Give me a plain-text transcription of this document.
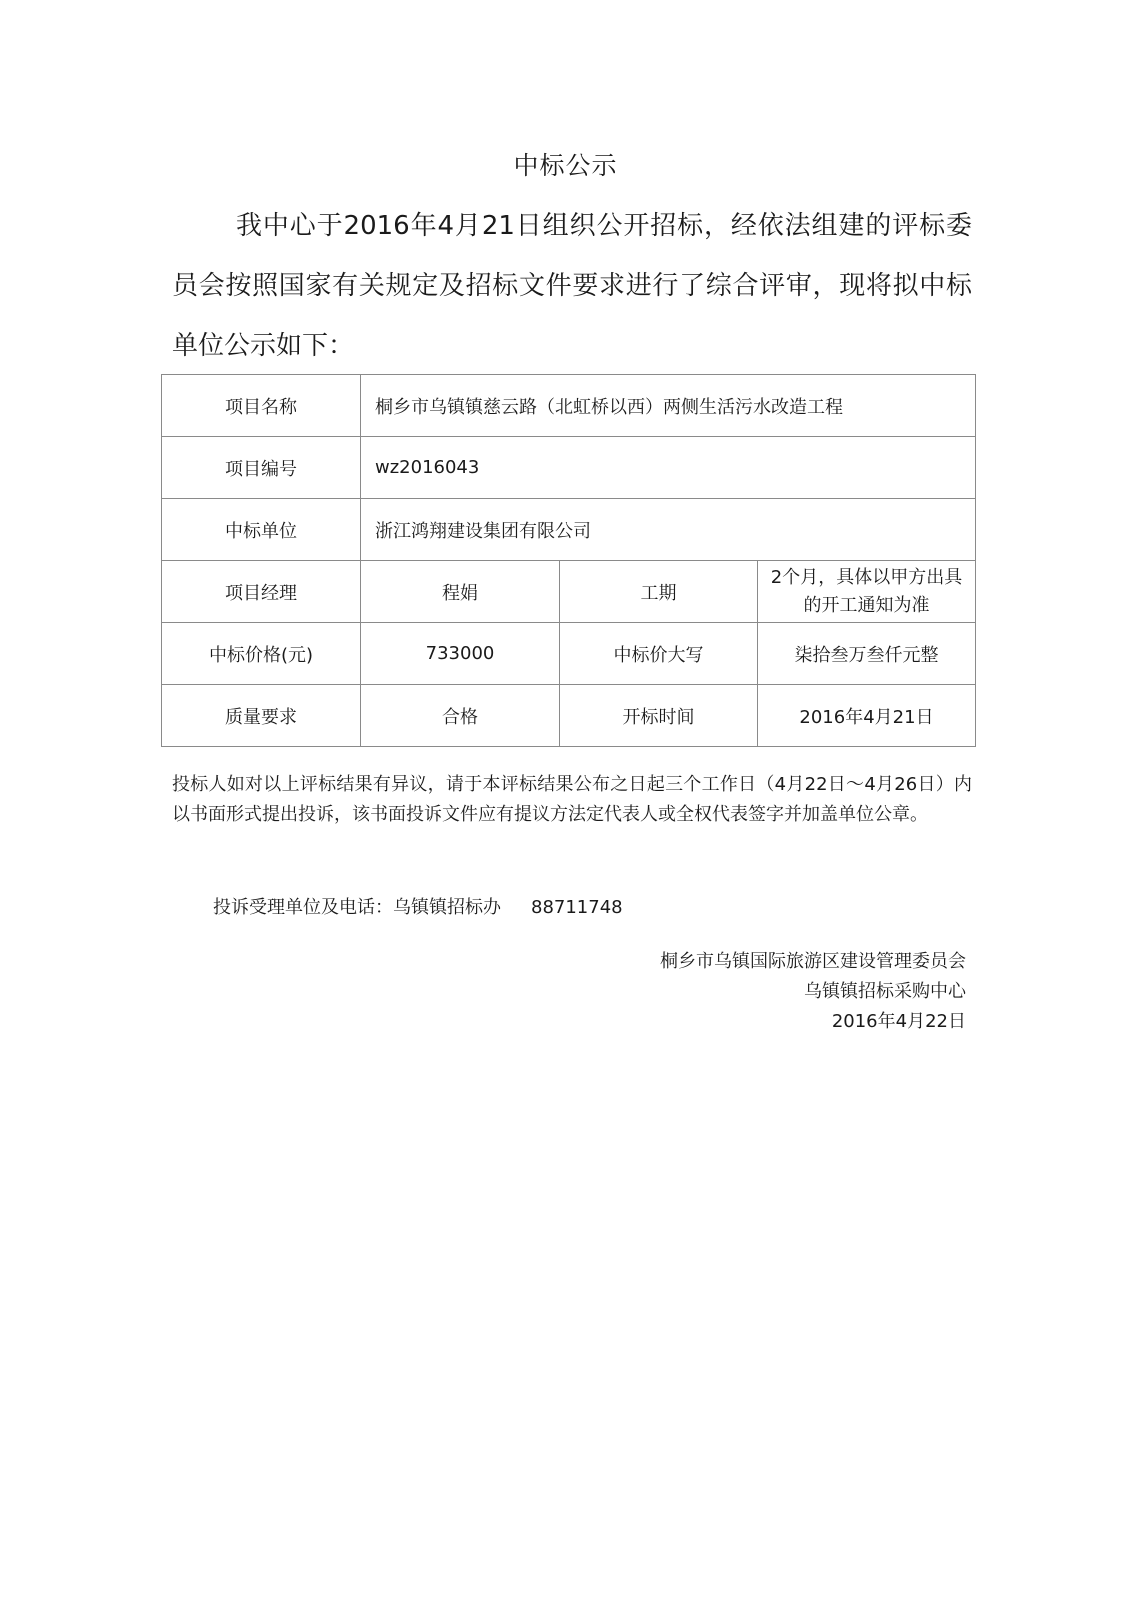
中标公示
我中心于2016年4月21日组织公开招标，经依法组建的评标委员会按照国家有关规定及招标文件要求进行了综合评审，现将拟中标单位公示如下：
项目名称	桐乡市乌镇镇慈云路（北虹桥以西）两侧生活污水改造工程		
项目编号	wz2016043		
中标单位	浙江鸿翔建设集团有限公司		
项目经理	程娟	工期	2个月，具体以甲方出具的开工通知为准
中标价格(元)	733000	中标价大写	柒拾叁万叁仟元整
质量要求	合格	开标时间	2016年4月21日
投标人如对以上评标结果有异议，请于本评标结果公布之日起三个工作日（4月22日～4月26日）内以书面形式提出投诉，该书面投诉文件应有提议方法定代表人或全权代表签字并加盖单位公章。
投诉受理单位及电话：乌镇镇招标办 88711748
桐乡市乌镇国际旅游区建设管理委员会
乌镇镇招标采购中心
2016年4月22日
